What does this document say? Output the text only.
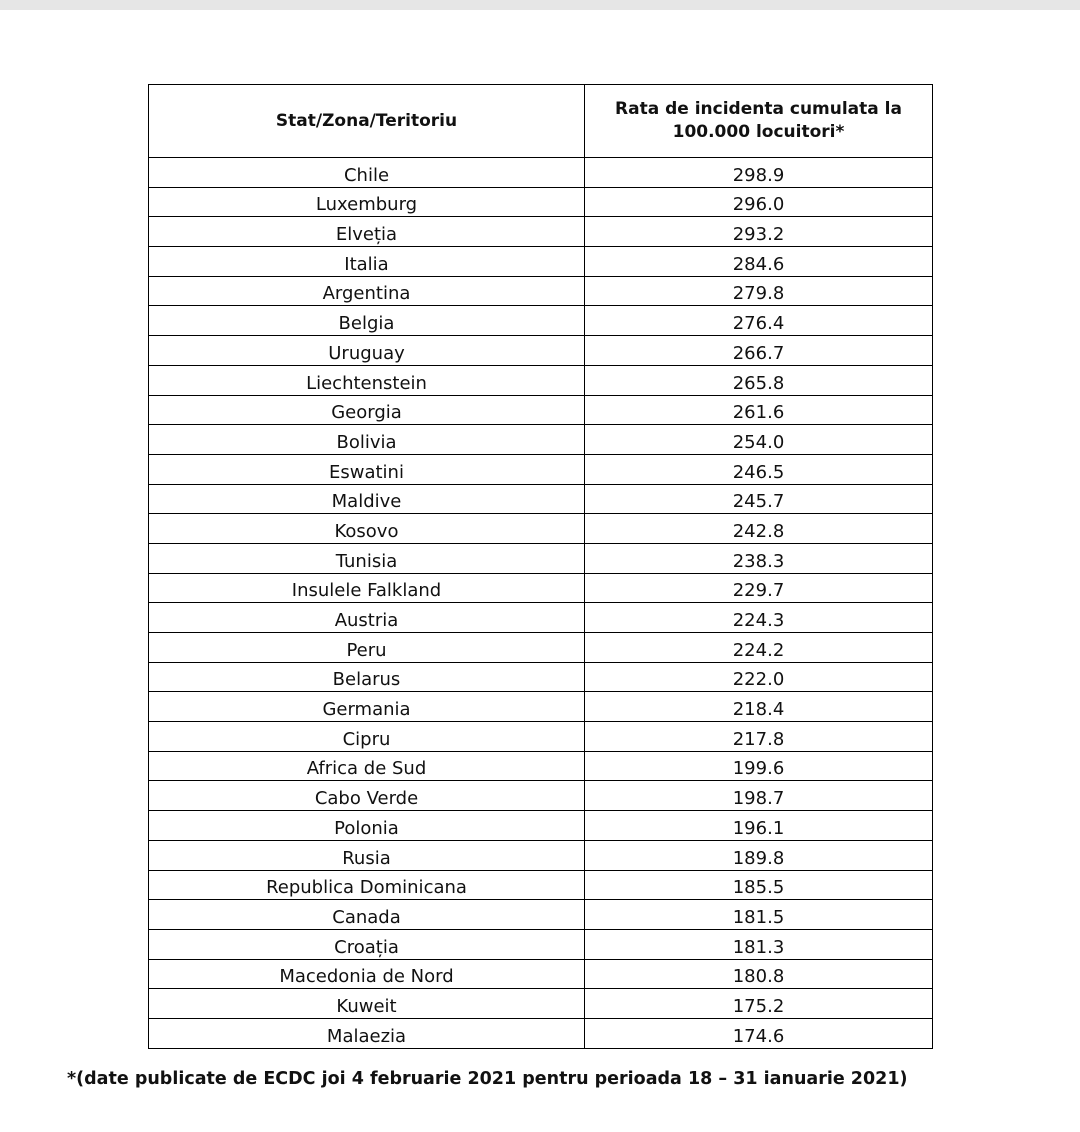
Stat/Zona/Teritoriu	Rata de incidenta cumulata la 100.000 locuitori*
Chile	298.9
Luxemburg	296.0
Elveția	293.2
Italia	284.6
Argentina	279.8
Belgia	276.4
Uruguay	266.7
Liechtenstein	265.8
Georgia	261.6
Bolivia	254.0
Eswatini	246.5
Maldive	245.7
Kosovo	242.8
Tunisia	238.3
Insulele Falkland	229.7
Austria	224.3
Peru	224.2
Belarus	222.0
Germania	218.4
Cipru	217.8
Africa de Sud	199.6
Cabo Verde	198.7
Polonia	196.1
Rusia	189.8
Republica Dominicana	185.5
Canada	181.5
Croația	181.3
Macedonia de Nord	180.8
Kuweit	175.2
Malaezia	174.6
*(date publicate de ECDC joi 4 februarie 2021 pentru perioada 18 – 31 ianuarie 2021)
